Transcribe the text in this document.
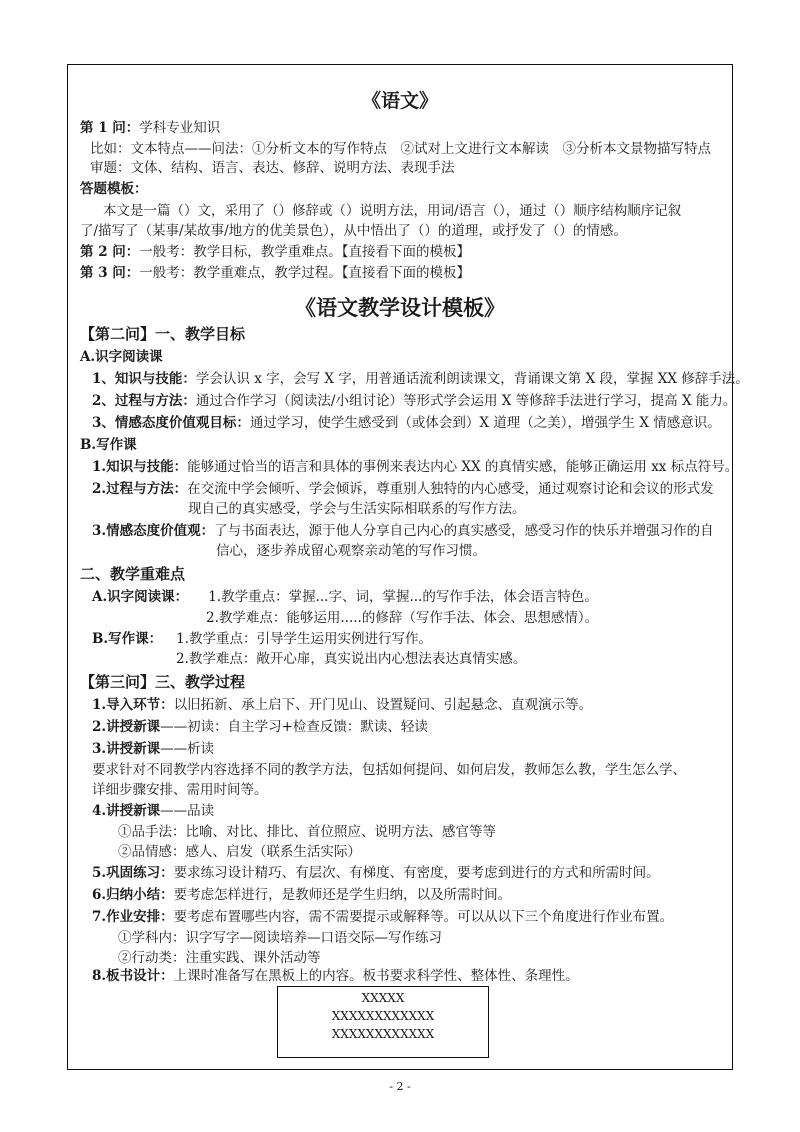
《语文》
第 1 问：学科专业知识
比如：文本特点——问法：①分析文本的写作特点　②试对上文进行文本解读　③分析本文景物描写特点
审题：文体、结构、语言、表达、修辞、说明方法、表现手法
答题模板：
本文是一篇（）文，采用了（）修辞或（）说明方法，用词/语言（），通过（）顺序结构顺序记叙
了/描写了（某事/某故事/地方的优美景色），从中悟出了（）的道理，或抒发了（）的情感。
第 2 问：一般考：教学目标，教学重难点。【直接看下面的模板】
第 3 问：一般考：教学重难点，教学过程。【直接看下面的模板】
《语文教学设计模板》
【第二问】一、教学目标
A.识字阅读课
1、知识与技能：学会认识 x 字，会写 X 字，用普通话流利朗读课文，背诵课文第 X 段，掌握 XX 修辞手法。
2、过程与方法：通过合作学习（阅读法/小组讨论）等形式学会运用 X 等修辞手法进行学习，提高 X 能力。
3、情感态度价值观目标：通过学习，使学生感受到（或体会到）X 道理（之美），增强学生 X 情感意识。
B.写作课
1.知识与技能：能够通过恰当的语言和具体的事例来表达内心 XX 的真情实感，能够正确运用 xx 标点符号。
2.过程与方法：在交流中学会倾听、学会倾诉，尊重别人独特的内心感受，通过观察讨论和会议的形式发
现自己的真实感受，学会与生活实际相联系的写作方法。
3.情感态度价值观：了与书面表达，源于他人分享自己内心的真实感受，感受习作的快乐并增强习作的自
信心，逐步养成留心观察亲动笔的写作习惯。
二、教学重难点
A.识字阅读课： 1.教学重点：掌握...字、词，掌握...的写作手法，体会语言特色。
2.教学难点：能够运用.....的修辞（写作手法、体会、思想感情）。
B.写作课： 1.教学重点：引导学生运用实例进行写作。
2.教学难点：敞开心扉，真实说出内心想法表达真情实感。
【第三问】三、教学过程
1.导入环节：以旧拓新、承上启下、开门见山、设置疑问、引起悬念、直观演示等。
2.讲授新课——初读：自主学习+检查反馈：默读、轻读
3.讲授新课——析读
要求针对不同教学内容选择不同的教学方法，包括如何提问、如何启发，教师怎么教，学生怎么学、
详细步骤安排、需用时间等。
4.讲授新课——品读
①品手法：比喻、对比、排比、首位照应、说明方法、感官等等
②品情感：感人、启发（联系生活实际）
5.巩固练习：要求练习设计精巧、有层次、有梯度、有密度，要考虑到进行的方式和所需时间。
6.归纳小结：要考虑怎样进行，是教师还是学生归纳，以及所需时间。
7.作业安排：要考虑布置哪些内容，需不需要提示或解释等。可以从以下三个角度进行作业布置。
①学科内：识字写字—阅读培养—口语交际—写作练习
②行动类：注重实践、课外活动等
8.板书设计：上课时准备写在黑板上的内容。板书要求科学性、整体性、条理性。
XXXXX
XXXXXXXXXXXX
XXXXXXXXXXXX
- 2 -
